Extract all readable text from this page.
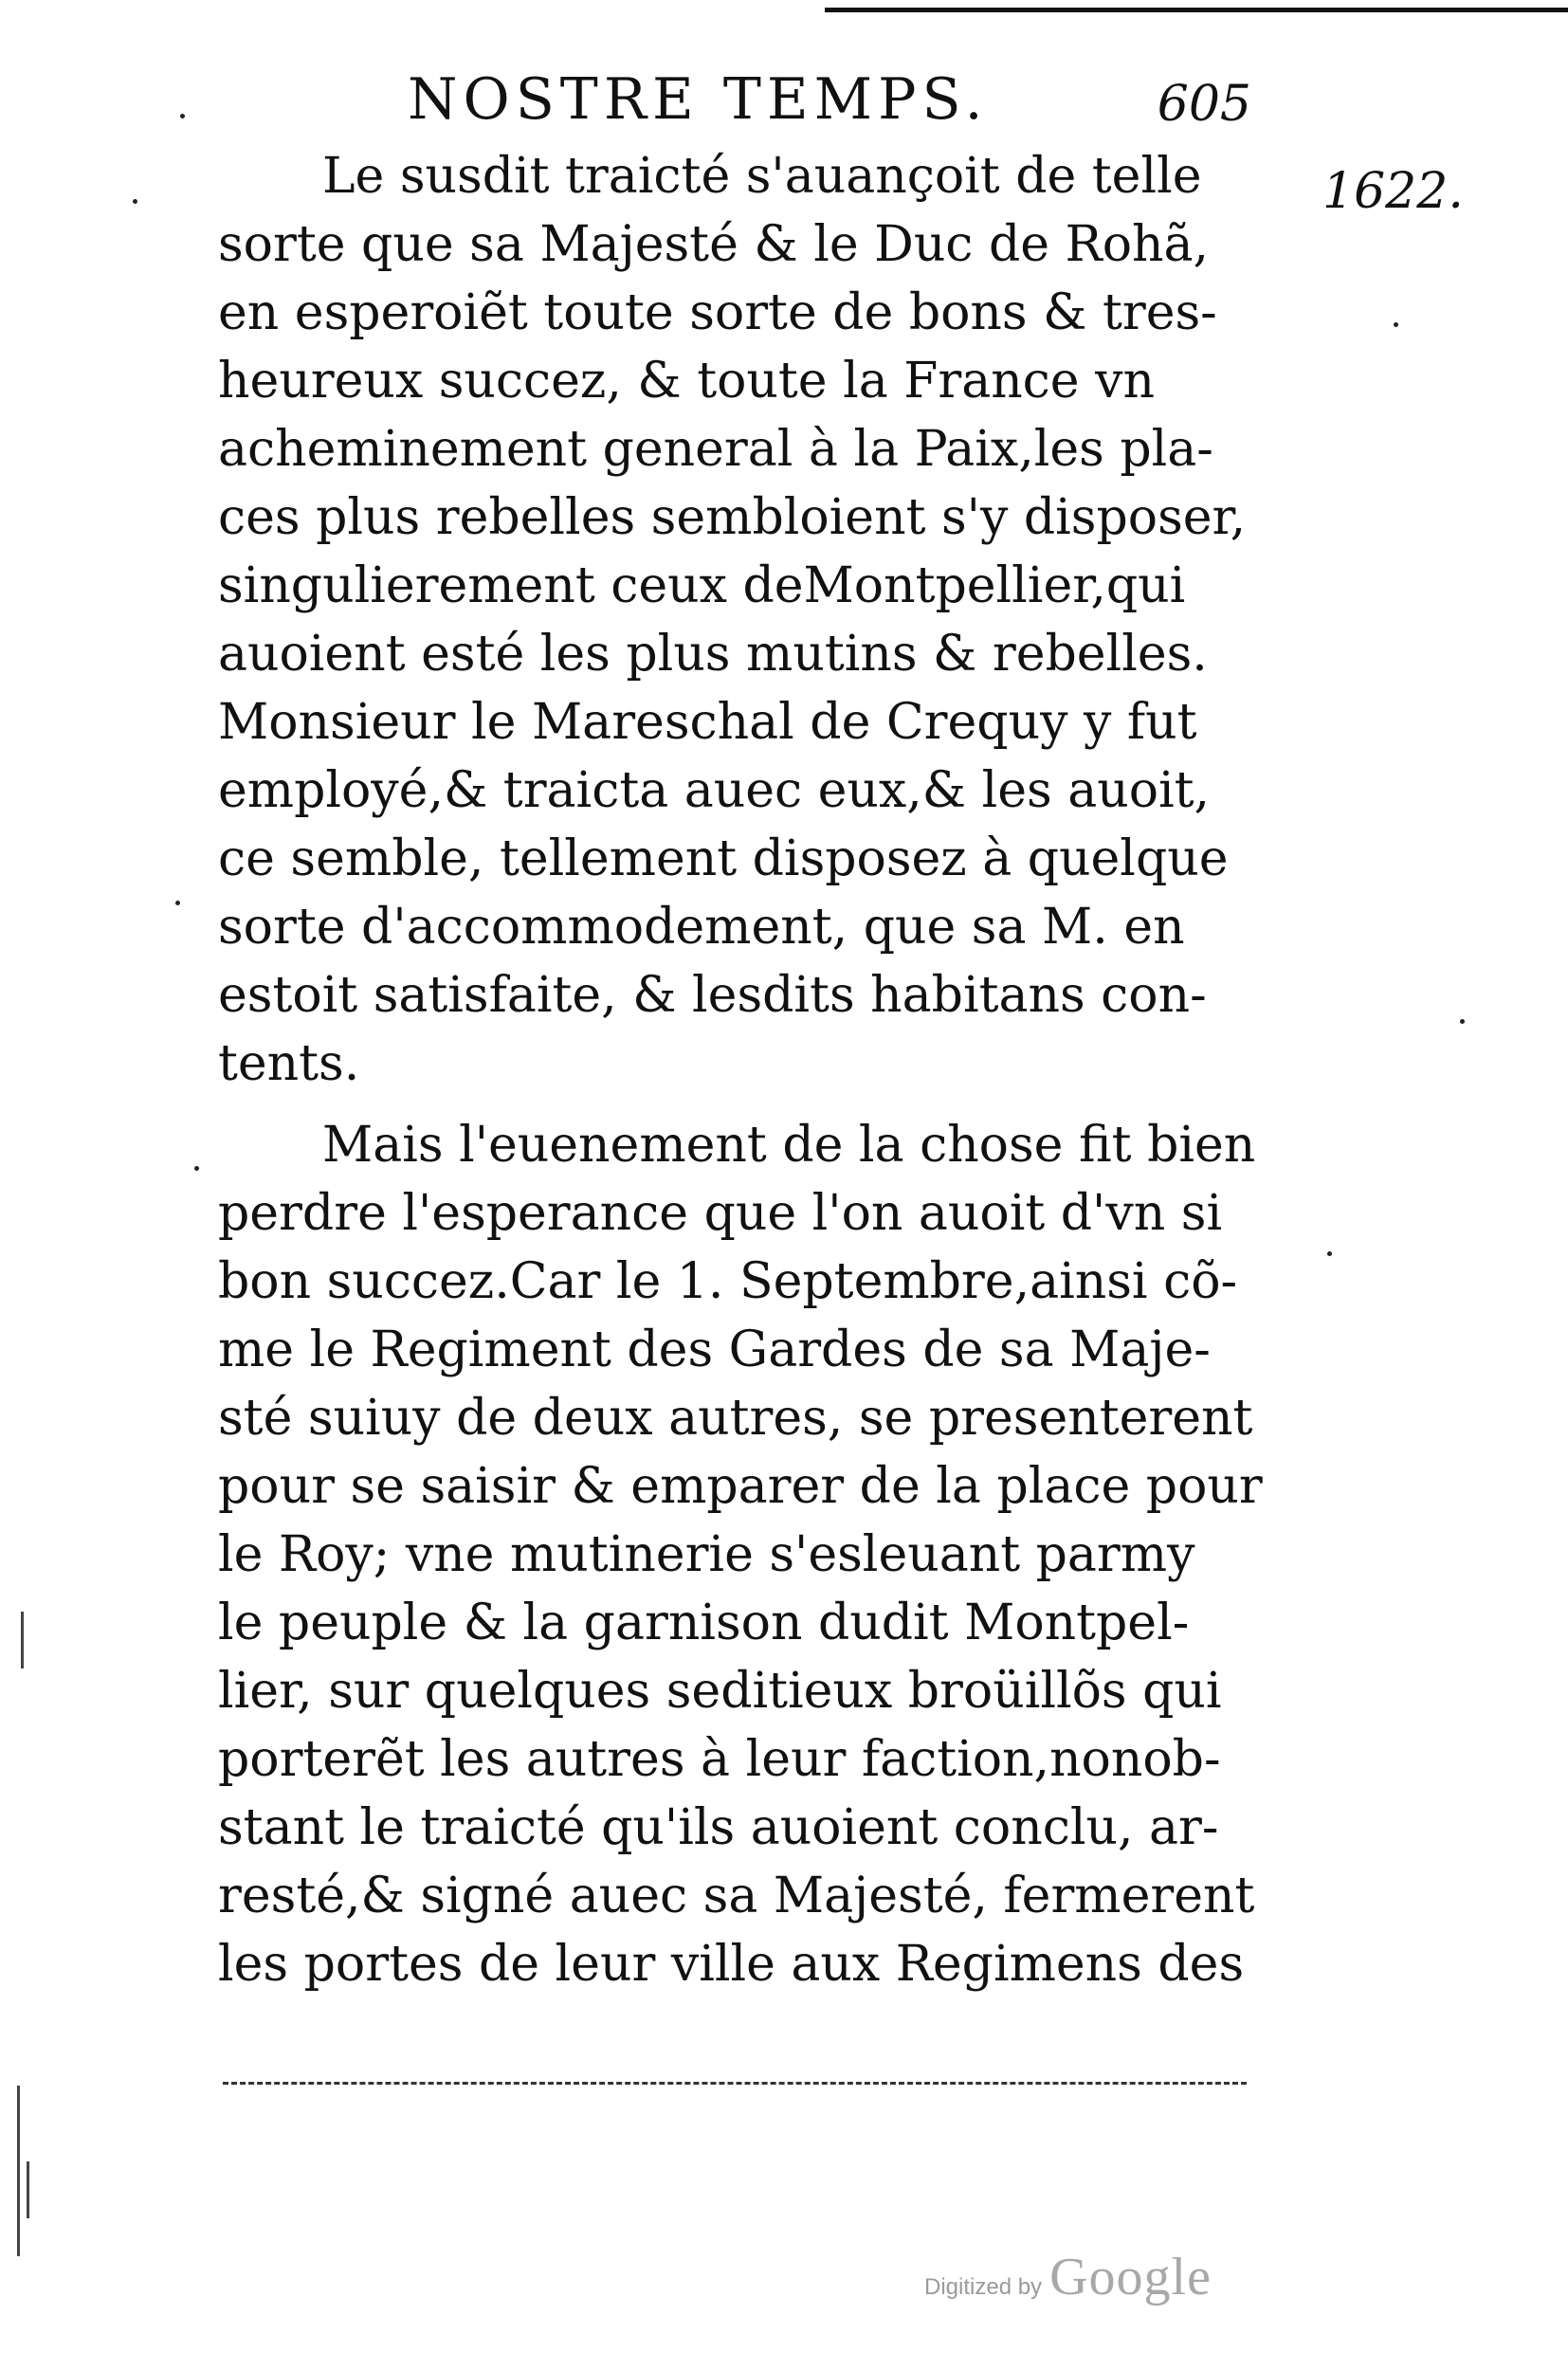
NOSTRE TEMPS.	605
1622.
Le susdit traicté s'auançoit de telle
sorte que sa Majesté & le Duc de Rohã,
en esperoiẽt toute sorte de bons & tres-
heureux succez, & toute la France vn
acheminement general à la Paix,les pla-
ces plus rebelles sembloient s'y disposer,
singulierement ceux deMontpellier,qui
auoient esté les plus mutins & rebelles.
Monsieur le Mareschal de Crequy y fut
employé,& traicta auec eux,& les auoit,
ce semble, tellement disposez à quelque
sorte d'accommodement, que sa M. en
estoit satisfaite, & lesdits habitans con-
tents.
Mais l'euenement de la chose fit bien
perdre l'esperance que l'on auoit d'vn si
bon succez.Car le 1. Septembre,ainsi cõ-
me le Regiment des Gardes de sa Maje-
sté suiuy de deux autres, se presenterent
pour se saisir & emparer de la place pour
le Roy; vne mutinerie s'esleuant parmy
le peuple & la garnison dudit Montpel-
lier, sur quelques seditieux broüillõs qui
porterẽt les autres à leur faction,nonob-
stant le traicté qu'ils auoient conclu, ar-
resté,& signé auec sa Majesté, fermerent
les portes de leur ville aux Regimens des
Digitized by Google
